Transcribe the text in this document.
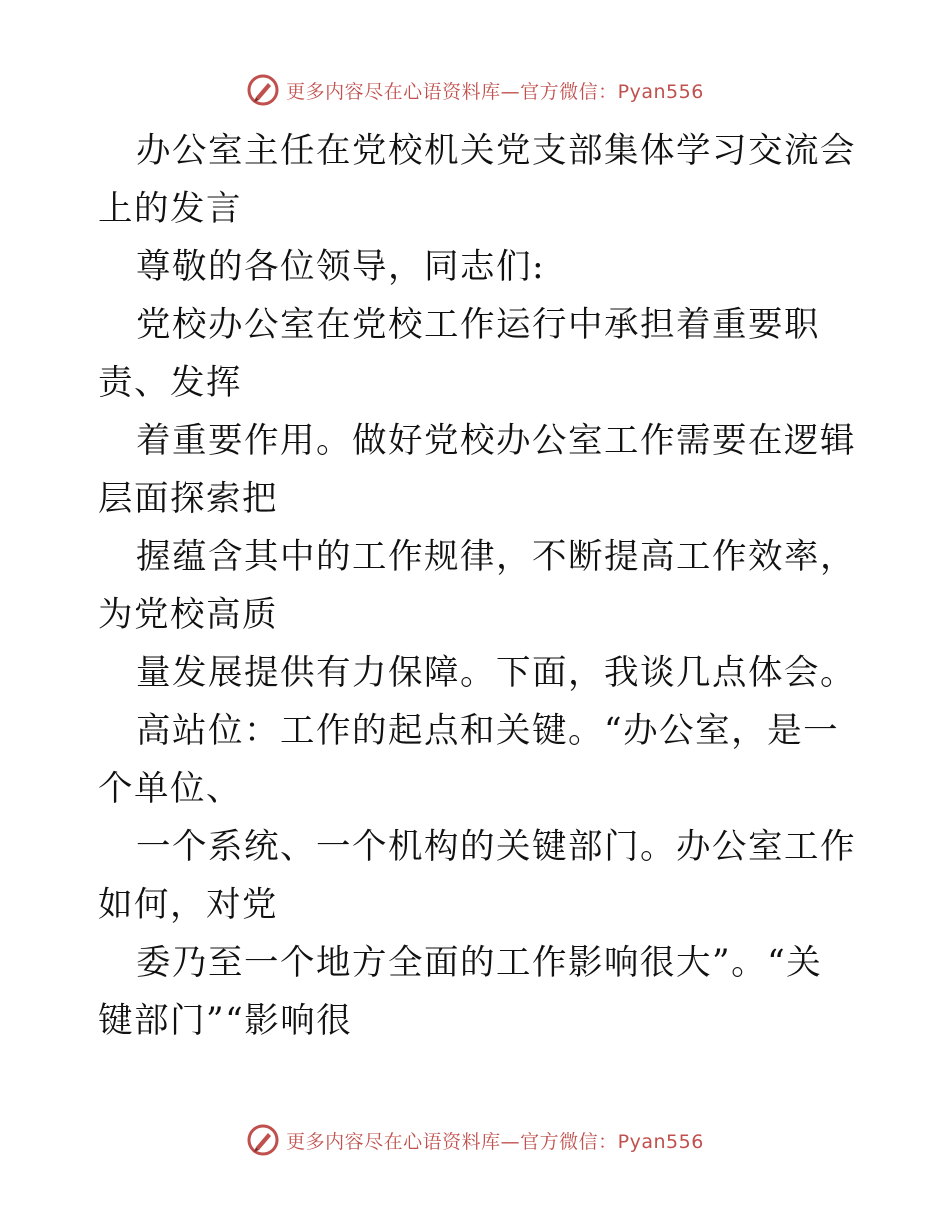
更多内容尽在心语资料库—官方微信：Pyan556

办公室主任在党校机关党支部集体学习交流会上的发言

尊敬的各位领导，同志们:

党校办公室在党校工作运行中承担着重要职责、发挥

着重要作用。做好党校办公室工作需要在逻辑层面探索把

握蕴含其中的工作规律，不断提高工作效率，为党校高质

量发展提供有力保障。下面，我谈几点体会。

高站位：工作的起点和关键。“办公室，是一个单位、

一个系统、一个机构的关键部门。办公室工作如何，对党

委乃至一个地方全面的工作影响很大”。“关键部门”“影响很

更多内容尽在心语资料库—官方微信：Pyan556
